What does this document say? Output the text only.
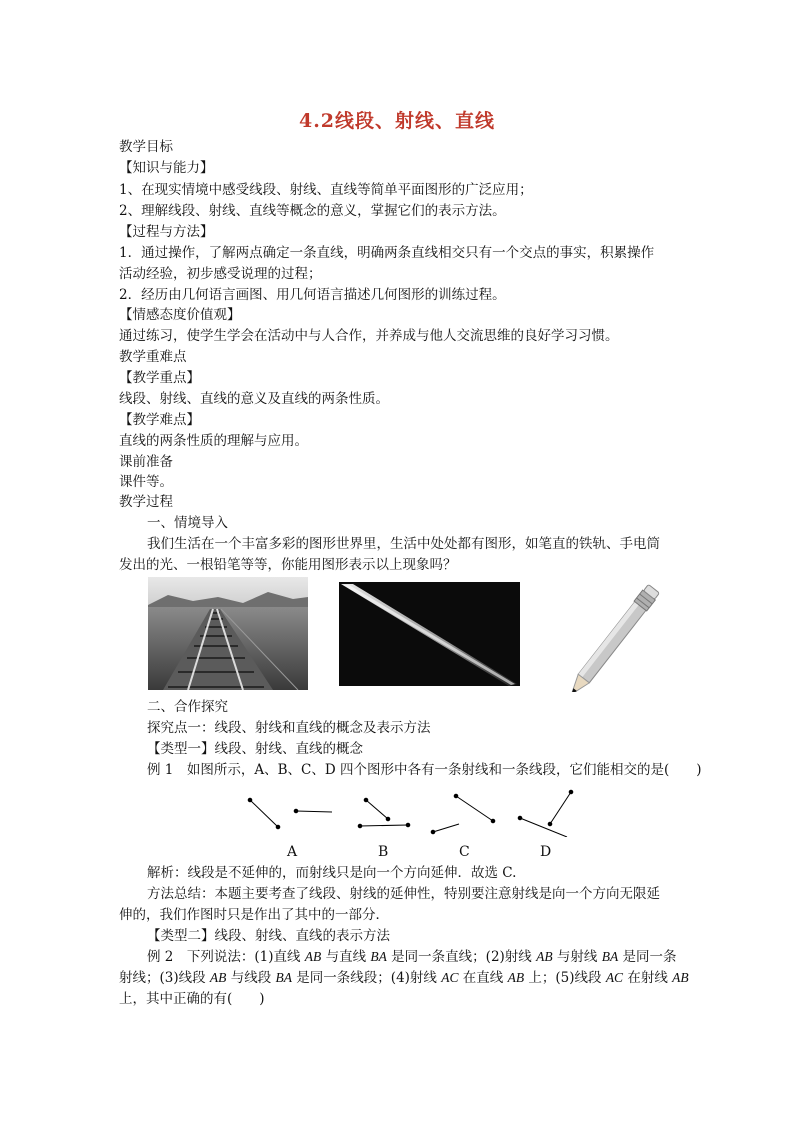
4.2线段、射线、直线
教学目标
【知识与能力】
1、在现实情境中感受线段、射线、直线等简单平面图形的广泛应用；
2、理解线段、射线、直线等概念的意义，掌握它们的表示方法。
【过程与方法】
1．通过操作，了解两点确定一条直线，明确两条直线相交只有一个交点的事实，积累操作
活动经验，初步感受说理的过程；
2．经历由几何语言画图、用几何语言描述几何图形的训练过程。
【情感态度价值观】
通过练习，使学生学会在活动中与人合作，并养成与他人交流思维的良好学习习惯。
教学重难点
【教学重点】
线段、射线、直线的意义及直线的两条性质。
【教学难点】
直线的两条性质的理解与应用。
课前准备
课件等。
教学过程
一、情境导入
我们生活在一个丰富多彩的图形世界里，生活中处处都有图形，如笔直的铁轨、手电筒
发出的光、一根铅笔等等，你能用图形表示以上现象吗？
二、合作探究
探究点一：线段、射线和直线的概念及表示方法
【类型一】线段、射线、直线的概念
例 1　如图所示，A、B、C、D 四个图形中各有一条射线和一条线段，它们能相交的是(　　)
A	B	C	D
解析：线段是不延伸的，而射线只是向一个方向延伸．故选 C.
方法总结：本题主要考查了线段、射线的延伸性，特别要注意射线是向一个方向无限延
伸的，我们作图时只是作出了其中的一部分．
【类型二】线段、射线、直线的表示方法
例 2　下列说法：(1)直线 AB 与直线 BA 是同一条直线；(2)射线 AB 与射线 BA 是同一条
射线；(3)线段 AB 与线段 BA 是同一条线段；(4)射线 AC 在直线 AB 上；(5)线段 AC 在射线 AB
上，其中正确的有(　　)
